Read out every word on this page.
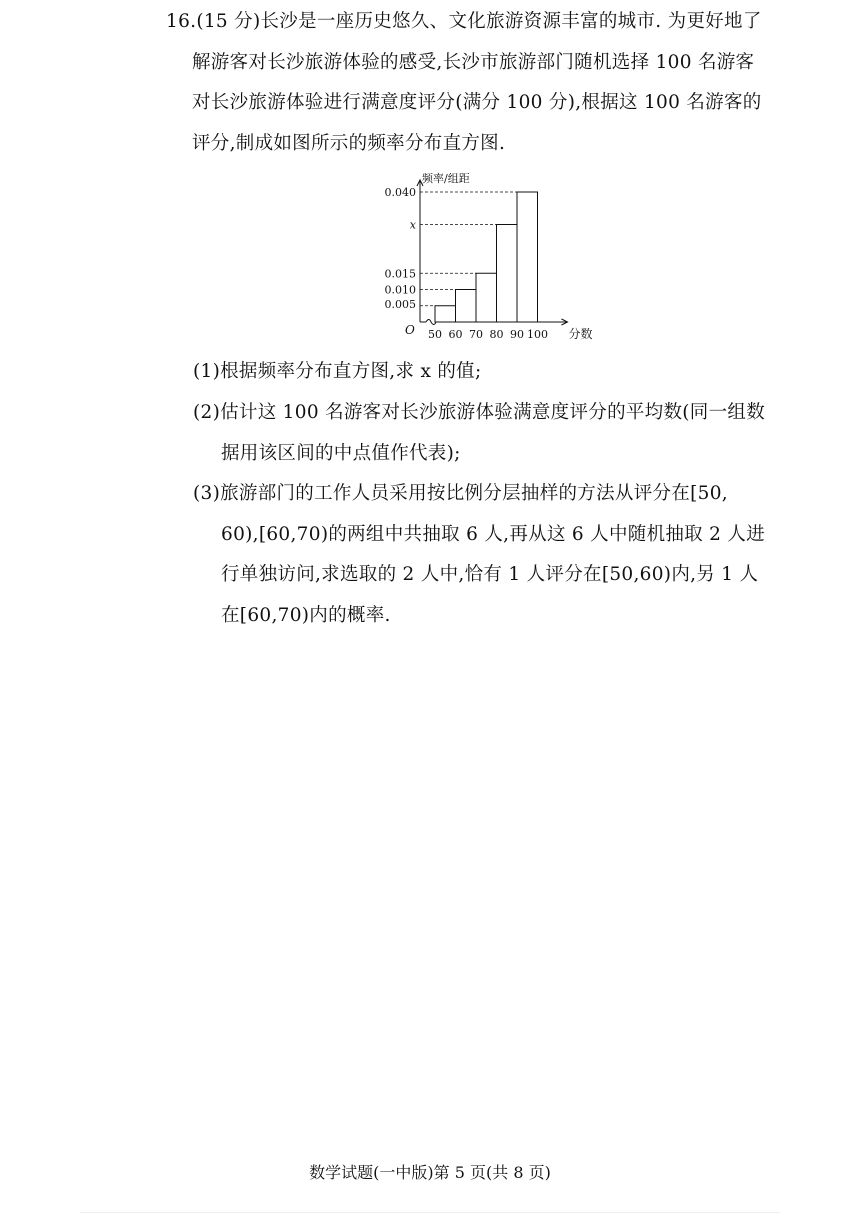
16.(15 分)长沙是一座历史悠久、文化旅游资源丰富的城市. 为更好地了
解游客对长沙旅游体验的感受,长沙市旅游部门随机选择 100 名游客
对长沙旅游体验进行满意度评分(满分 100 分),根据这 100 名游客的
评分,制成如图所示的频率分布直方图.
频率/组距
分数
O
0.005
0.010
0.015
x
0.040
50 60 70 80 90 100
(1)根据频率分布直方图,求 x 的值;
(2)估计这 100 名游客对长沙旅游体验满意度评分的平均数(同一组数
据用该区间的中点值作代表);
(3)旅游部门的工作人员采用按比例分层抽样的方法从评分在[50,
60),[60,70)的两组中共抽取 6 人,再从这 6 人中随机抽取 2 人进
行单独访问,求选取的 2 人中,恰有 1 人评分在[50,60)内,另 1 人
在[60,70)内的概率.
数学试题(一中版)第 5 页(共 8 页)
